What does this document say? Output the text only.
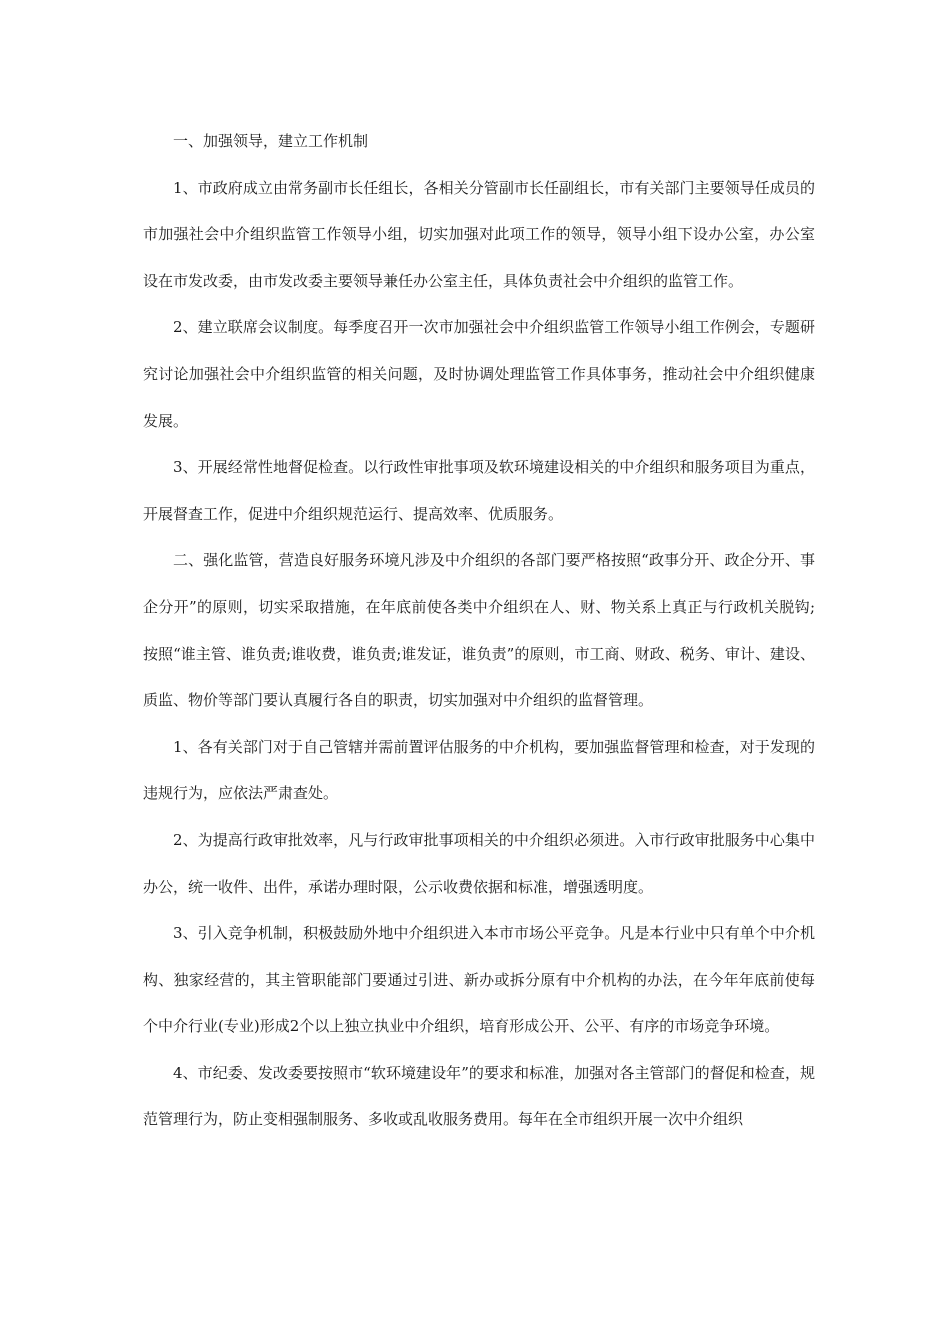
一、加强领导，建立工作机制

1、市政府成立由常务副市长任组长，各相关分管副市长任副组长，市有关部门主要领导任成员的市加强社会中介组织监管工作领导小组，切实加强对此项工作的领导，领导小组下设办公室，办公室设在市发改委，由市发改委主要领导兼任办公室主任，具体负责社会中介组织的监管工作。

2、建立联席会议制度。每季度召开一次市加强社会中介组织监管工作领导小组工作例会，专题研究讨论加强社会中介组织监管的相关问题，及时协调处理监管工作具体事务，推动社会中介组织健康发展。

3、开展经常性地督促检查。以行政性审批事项及软环境建设相关的中介组织和服务项目为重点，开展督查工作，促进中介组织规范运行、提高效率、优质服务。

二、强化监管，营造良好服务环境凡涉及中介组织的各部门要严格按照“政事分开、政企分开、事企分开”的原则，切实采取措施，在年底前使各类中介组织在人、财、物关系上真正与行政机关脱钩;按照“谁主管、谁负责;谁收费，谁负责;谁发证，谁负责”的原则，市工商、财政、税务、审计、建设、质监、物价等部门要认真履行各自的职责，切实加强对中介组织的监督管理。

1、各有关部门对于自己管辖并需前置评估服务的中介机构，要加强监督管理和检查，对于发现的违规行为，应依法严肃查处。

2、为提高行政审批效率，凡与行政审批事项相关的中介组织必须进。入市行政审批服务中心集中办公，统一收件、出件，承诺办理时限，公示收费依据和标准，增强透明度。

3、引入竞争机制，积极鼓励外地中介组织进入本市市场公平竞争。凡是本行业中只有单个中介机构、独家经营的，其主管职能部门要通过引进、新办或拆分原有中介机构的办法，在今年年底前使每个中介行业(专业)形成2个以上独立执业中介组织，培育形成公开、公平、有序的市场竞争环境。

4、市纪委、发改委要按照市“软环境建设年”的要求和标准，加强对各主管部门的督促和检查，规范管理行为，防止变相强制服务、多收或乱收服务费用。每年在全市组织开展一次中介组织
